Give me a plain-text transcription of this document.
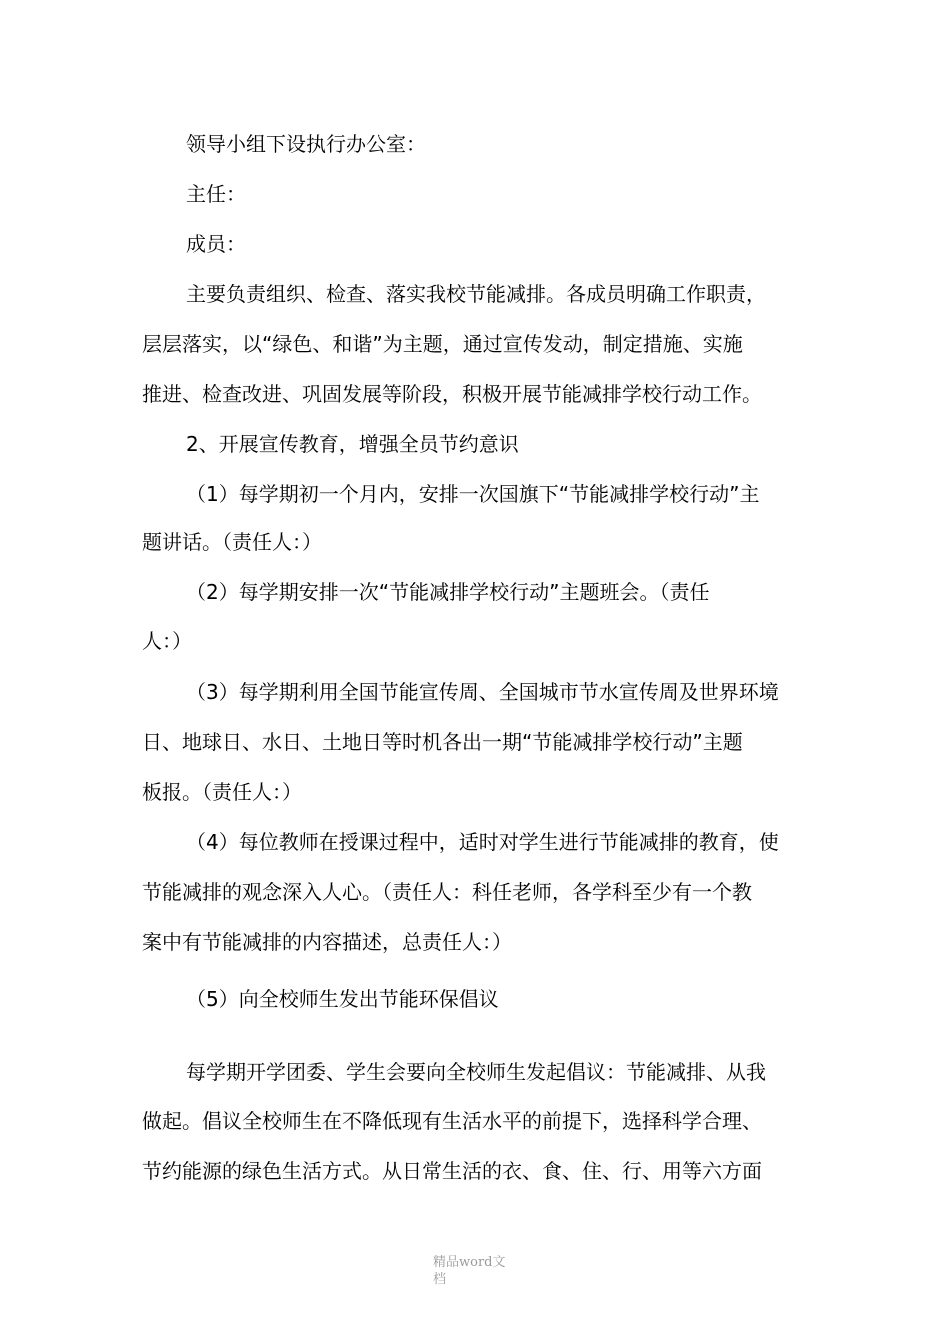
领导小组下设执行办公室：
主任：
成员：
主要负责组织、检查、落实我校节能减排。各成员明确工作职责，
层层落实，以“绿色、和谐”为主题，通过宣传发动，制定措施、实施
推进、检查改进、巩固发展等阶段，积极开展节能减排学校行动工作。
2、开展宣传教育，增强全员节约意识
（1）每学期初一个月内，安排一次国旗下“节能减排学校行动”主
题讲话。（责任人：）
（2）每学期安排一次“节能减排学校行动”主题班会。（责任
人：）
（3）每学期利用全国节能宣传周、全国城市节水宣传周及世界环境
日、地球日、水日、土地日等时机各出一期“节能减排学校行动”主题
板报。（责任人：）
（4）每位教师在授课过程中，适时对学生进行节能减排的教育，使
节能减排的观念深入人心。（责任人：科任老师，各学科至少有一个教
案中有节能减排的内容描述，总责任人：）
（5）向全校师生发出节能环保倡议
每学期开学团委、学生会要向全校师生发起倡议：节能减排、从我
做起。倡议全校师生在不降低现有生活水平的前提下，选择科学合理、
节约能源的绿色生活方式。从日常生活的衣、食、住、行、用等六方面
精品word文档
